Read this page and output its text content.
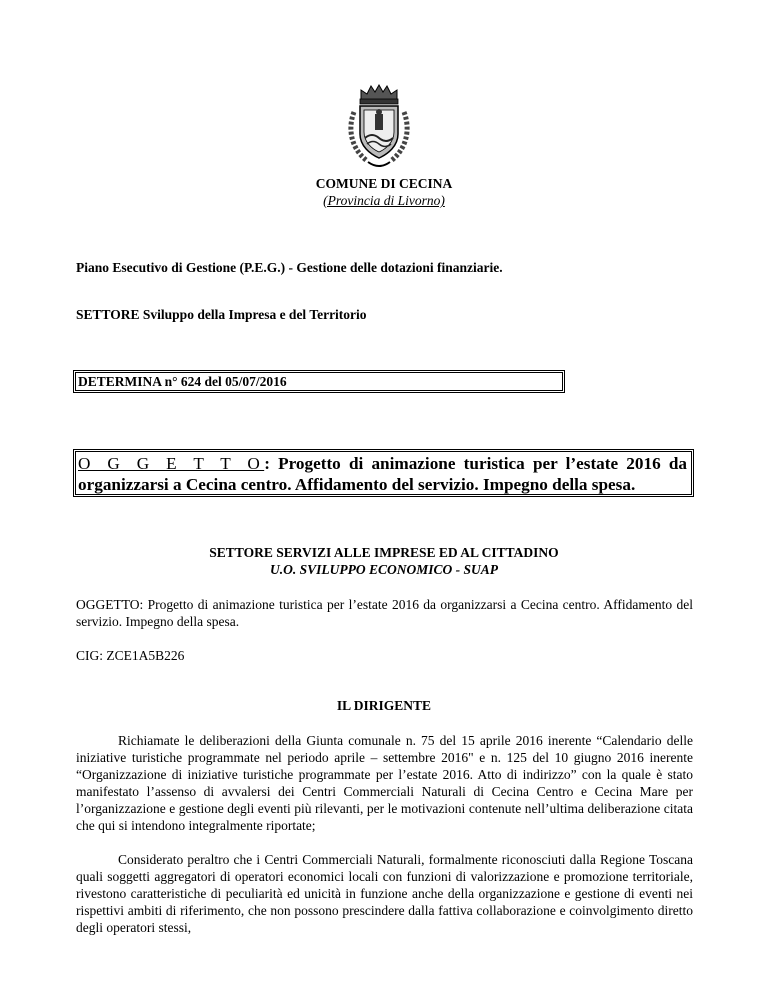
COMUNE DI CECINA
(Provincia di Livorno)
Piano Esecutivo di Gestione (P.E.G.) - Gestione delle dotazioni finanziarie.
SETTORE Sviluppo della Impresa e del Territorio
DETERMINA n° 624 del 05/07/2016
O G G E T T O: Progetto di animazione turistica per l’estate 2016 da organizzarsi a Cecina centro. Affidamento del servizio. Impegno della spesa.
SETTORE SERVIZI ALLE IMPRESE ED AL CITTADINO
U.O. SVILUPPO ECONOMICO - SUAP
OGGETTO: Progetto di animazione turistica per l’estate 2016 da organizzarsi a Cecina centro. Affidamento del servizio. Impegno della spesa.
CIG: ZCE1A5B226
IL DIRIGENTE
Richiamate le deliberazioni della Giunta comunale n. 75 del 15 aprile 2016 inerente “Calendario delle iniziative turistiche programmate nel periodo aprile – settembre 2016" e n. 125 del 10 giugno 2016 inerente “Organizzazione di iniziative turistiche programmate per l’estate 2016. Atto di indirizzo” con la quale è stato manifestato l’assenso di avvalersi dei Centri Commerciali Naturali di Cecina Centro e Cecina Mare per l’organizzazione e gestione degli eventi più rilevanti, per le motivazioni contenute nell’ultima deliberazione citata che qui si intendono integralmente riportate;
Considerato peraltro che i Centri Commerciali Naturali, formalmente riconosciuti dalla Regione Toscana quali soggetti aggregatori di operatori economici locali con funzioni di valorizzazione e promozione territoriale, rivestono caratteristiche di peculiarità ed unicità in funzione anche della organizzazione e gestione di eventi nei rispettivi ambiti di riferimento, che non possono prescindere dalla fattiva collaborazione e coinvolgimento diretto degli operatori stessi,
